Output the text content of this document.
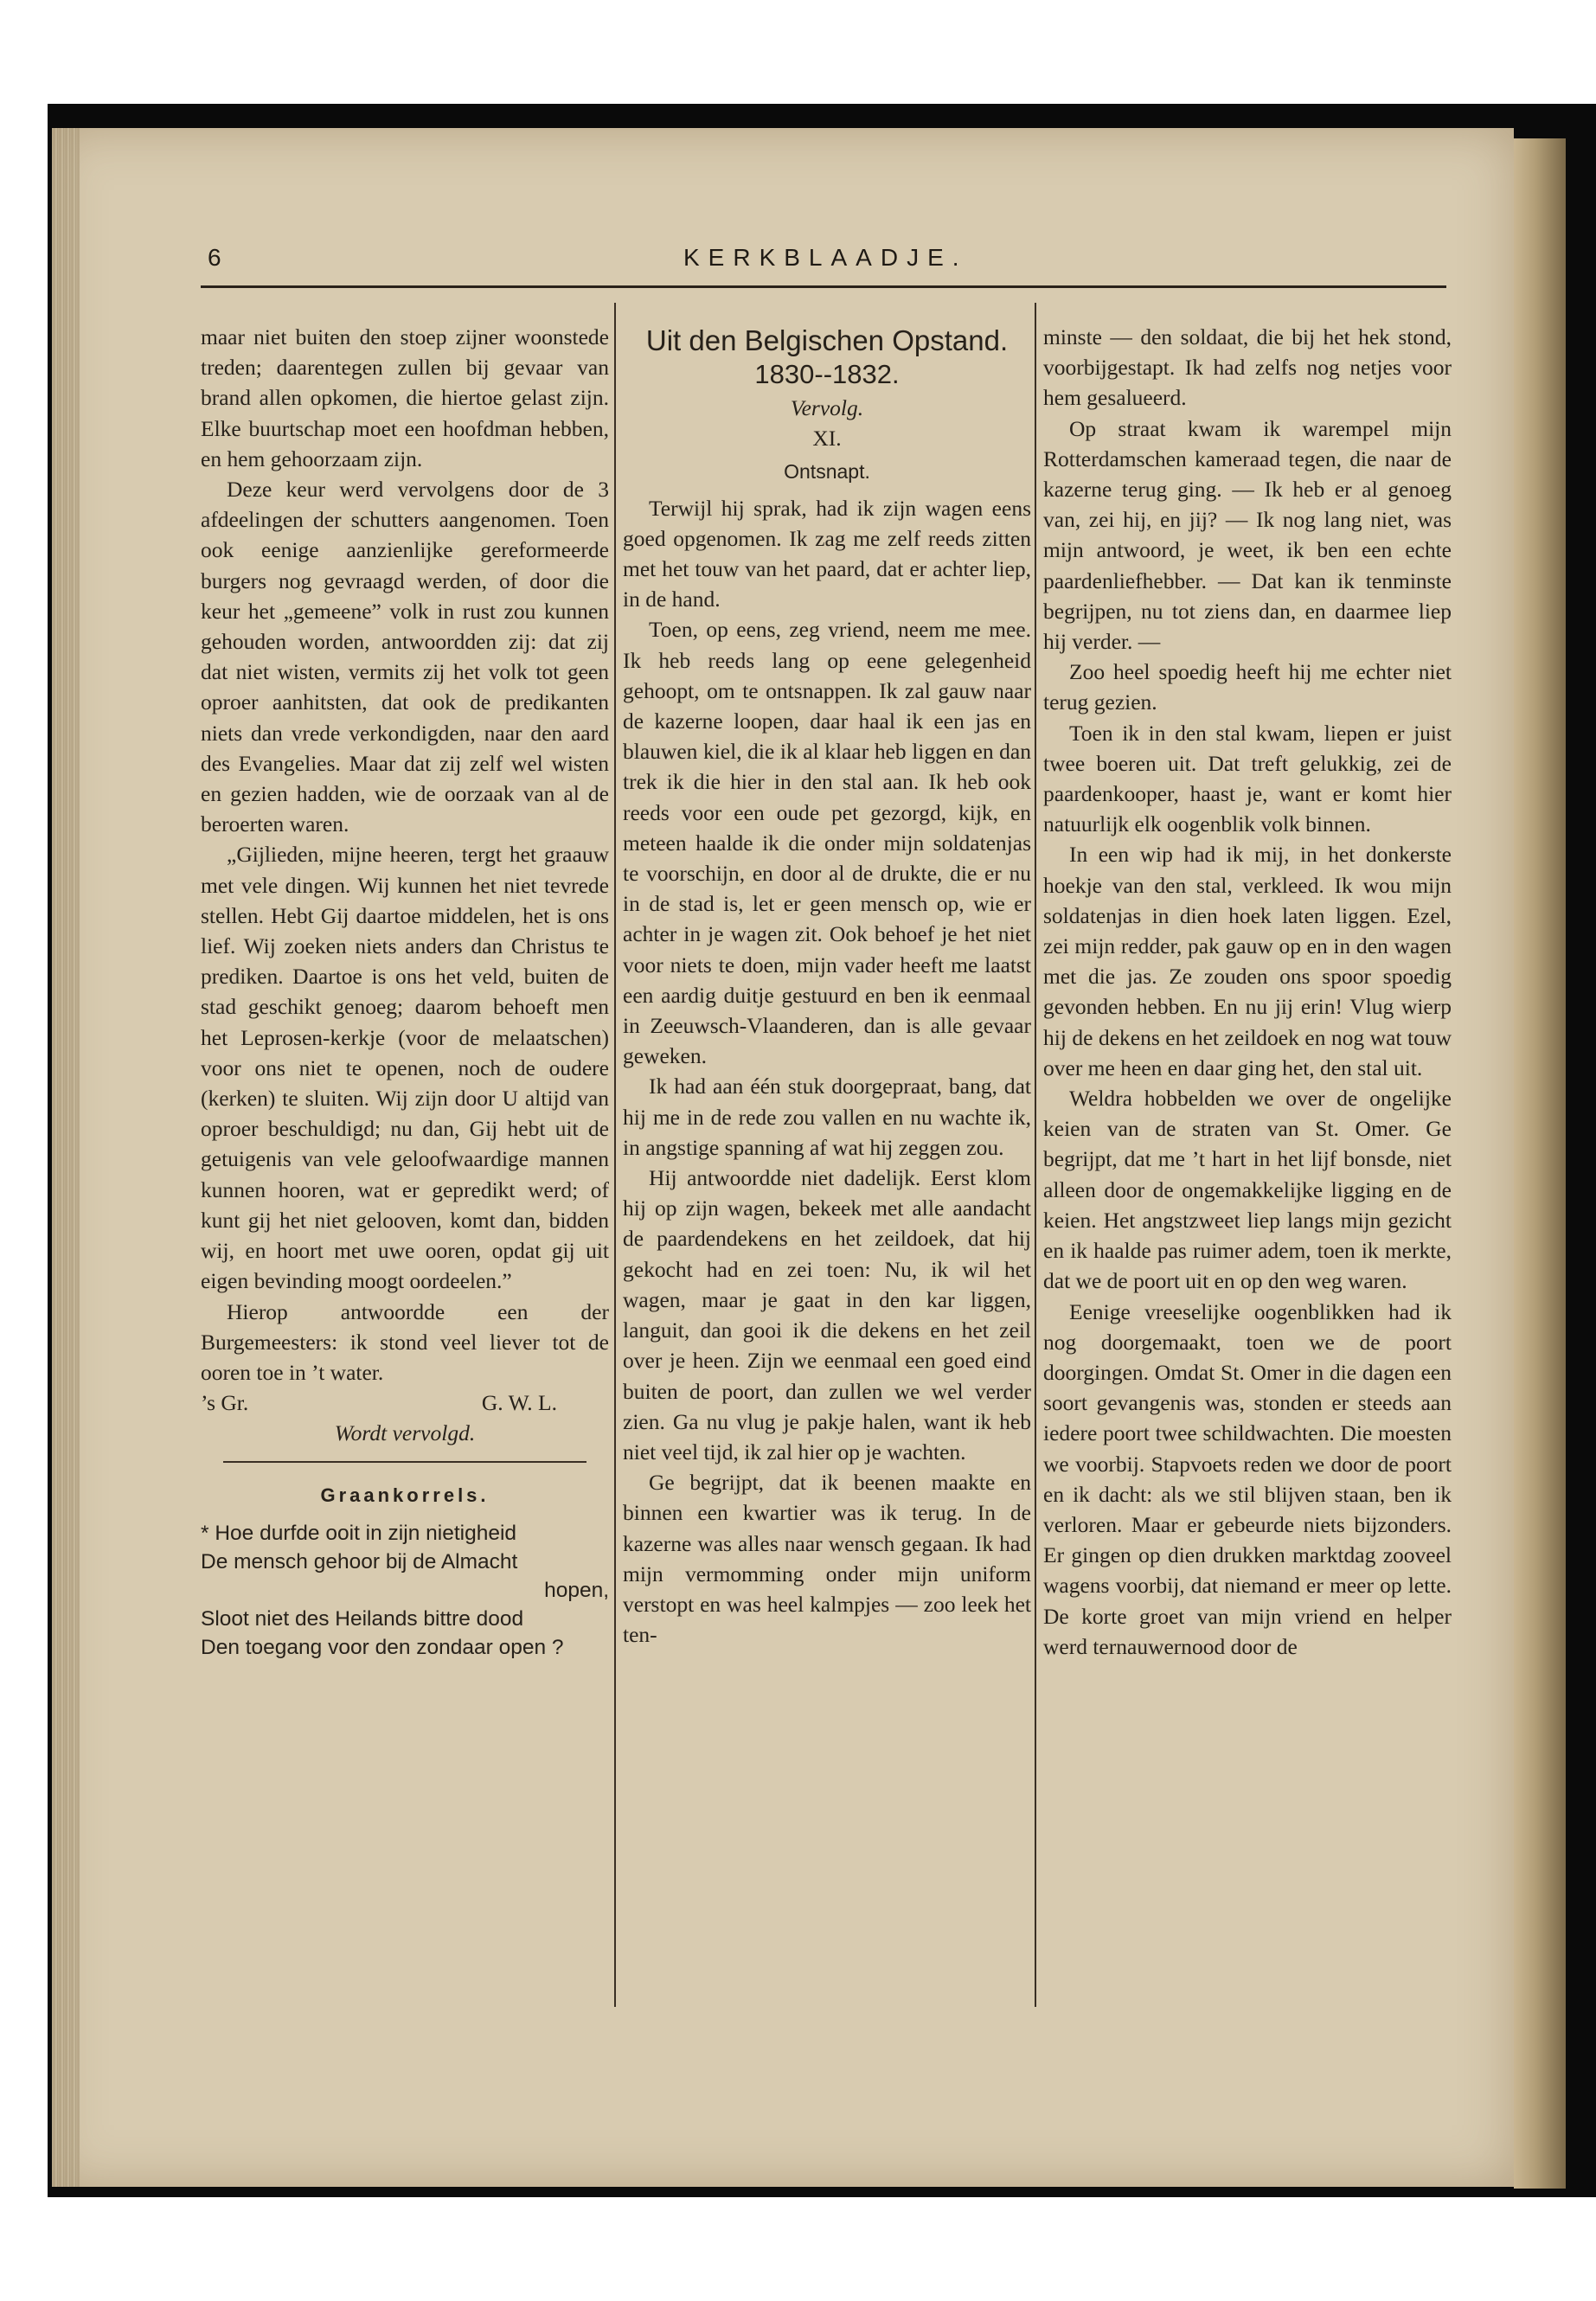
6	KERKBLAADJE.

maar niet buiten den stoep zijner woonstede treden; daarentegen zullen bij gevaar van brand allen opkomen, die hiertoe gelast zijn. Elke buurtschap moet een hoofdman hebben, en hem gehoorzaam zijn.

Deze keur werd vervolgens door de 3 afdeelingen der schutters aangenomen. Toen ook eenige aanzienlijke gereformeerde burgers nog gevraagd werden, of door die keur het „gemeene” volk in rust zou kunnen gehouden worden, antwoordden zij: dat zij dat niet wisten, vermits zij het volk tot geen oproer aanhitsten, dat ook de predikanten niets dan vrede verkondigden, naar den aard des Evangelies. Maar dat zij zelf wel wisten en gezien hadden, wie de oorzaak van al de beroerten waren.

„Gijlieden, mijne heeren, tergt het graauw met vele dingen. Wij kunnen het niet tevrede stellen. Hebt Gij daartoe middelen, het is ons lief. Wij zoeken niets anders dan Christus te prediken. Daartoe is ons het veld, buiten de stad geschikt genoeg; daarom behoeft men het Leprosen-kerkje (voor de melaatschen) voor ons niet te openen, noch de oudere (kerken) te sluiten. Wij zijn door U altijd van oproer beschuldigd; nu dan, Gij hebt uit de getuigenis van vele geloofwaardige mannen kunnen hooren, wat er gepredikt werd; of kunt gij het niet gelooven, komt dan, bidden wij, en hoort met uwe ooren, opdat gij uit eigen bevinding moogt oordeelen.”

Hierop antwoordde een der Burgemeesters: ik stond veel liever tot de ooren toe in ’t water.

’s Gr.	G. W. L.
Wordt vervolgd.
Graankorrels.
* Hoe durfde ooit in zijn nietigheid
De mensch gehoor bij de Almacht
hopen,
Sloot niet des Heilands bittre dood
Den toegang voor den zondaar open ?
Uit den Belgischen Opstand.
1830--1832.
Vervolg.
XI.
Ontsnapt.

Terwijl hij sprak, had ik zijn wagen eens goed opgenomen. Ik zag me zelf reeds zitten met het touw van het paard, dat er achter liep, in de hand.

Toen, op eens, zeg vriend, neem me mee. Ik heb reeds lang op eene gelegenheid gehoopt, om te ontsnappen. Ik zal gauw naar de kazerne loopen, daar haal ik een jas en blauwen kiel, die ik al klaar heb liggen en dan trek ik die hier in den stal aan. Ik heb ook reeds voor een oude pet gezorgd, kijk, en meteen haalde ik die onder mijn soldatenjas te voorschijn, en door al de drukte, die er nu in de stad is, let er geen mensch op, wie er achter in je wagen zit. Ook behoef je het niet voor niets te doen, mijn vader heeft me laatst een aardig duitje gestuurd en ben ik eenmaal in Zeeuwsch-Vlaanderen, dan is alle gevaar geweken.

Ik had aan één stuk doorgepraat, bang, dat hij me in de rede zou vallen en nu wachte ik, in angstige spanning af wat hij zeggen zou.

Hij antwoordde niet dadelijk. Eerst klom hij op zijn wagen, bekeek met alle aandacht de paardendekens en het zeildoek, dat hij gekocht had en zei toen: Nu, ik wil het wagen, maar je gaat in den kar liggen, languit, dan gooi ik die dekens en het zeil over je heen. Zijn we eenmaal een goed eind buiten de poort, dan zullen we wel verder zien. Ga nu vlug je pakje halen, want ik heb niet veel tijd, ik zal hier op je wachten.

Ge begrijpt, dat ik beenen maakte en binnen een kwartier was ik terug. In de kazerne was alles naar wensch gegaan. Ik had mijn vermomming onder mijn uniform verstopt en was heel kalmpjes — zoo leek het ten-

minste — den soldaat, die bij het hek stond, voorbijgestapt. Ik had zelfs nog netjes voor hem gesalueerd.

Op straat kwam ik warempel mijn Rotterdamschen kameraad tegen, die naar de kazerne terug ging. — Ik heb er al genoeg van, zei hij, en jij? — Ik nog lang niet, was mijn antwoord, je weet, ik ben een echte paardenliefhebber. — Dat kan ik tenminste begrijpen, nu tot ziens dan, en daarmee liep hij verder. —

Zoo heel spoedig heeft hij me echter niet terug gezien.

Toen ik in den stal kwam, liepen er juist twee boeren uit. Dat treft gelukkig, zei de paardenkooper, haast je, want er komt hier natuurlijk elk oogenblik volk binnen.

In een wip had ik mij, in het donkerste hoekje van den stal, verkleed. Ik wou mijn soldatenjas in dien hoek laten liggen. Ezel, zei mijn redder, pak gauw op en in den wagen met die jas. Ze zouden ons spoor spoedig gevonden hebben. En nu jij erin! Vlug wierp hij de dekens en het zeildoek en nog wat touw over me heen en daar ging het, den stal uit.

Weldra hobbelden we over de ongelijke keien van de straten van St. Omer. Ge begrijpt, dat me ’t hart in het lijf bonsde, niet alleen door de ongemakkelijke ligging en de keien. Het angstzweet liep langs mijn gezicht en ik haalde pas ruimer adem, toen ik merkte, dat we de poort uit en op den weg waren.

Eenige vreeselijke oogenblikken had ik nog doorgemaakt, toen we de poort doorgingen. Omdat St. Omer in die dagen een soort gevangenis was, stonden er steeds aan iedere poort twee schildwachten. Die moesten we voorbij. Stapvoets reden we door de poort en ik dacht: als we stil blijven staan, ben ik verloren. Maar er gebeurde niets bijzonders. Er gingen op dien drukken marktdag zooveel wagens voorbij, dat niemand er meer op lette. De korte groet van mijn vriend en helper werd ternauwernood door de
